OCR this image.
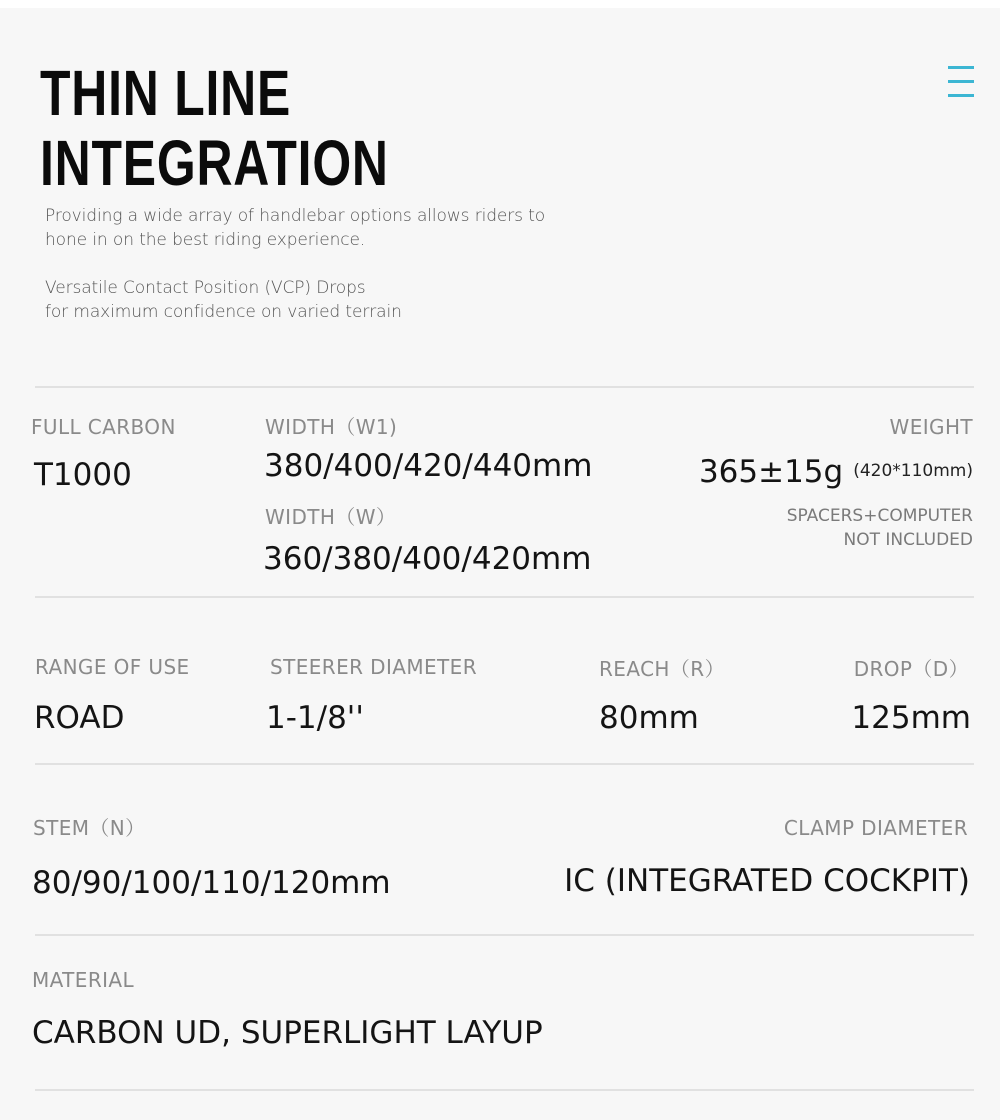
THIN LINE
INTEGRATION
Providing a wide array of handlebar options allows riders to
hone in on the best riding experience.
Versatile Contact Position (VCP) Drops
for maximum confidence on varied terrain
FULL CARBON
T1000
WIDTH（W1)
380/400/420/440mm
WIDTH（W）
360/380/400/420mm
WEIGHT
365±15g (420*110mm)
SPACERS+COMPUTER
NOT INCLUDED
RANGE OF USE
ROAD
STEERER DIAMETER
1-1/8''
REACH（R）
80mm
DROP（D）
125mm
STEM（N）
80/90/100/110/120mm
CLAMP DIAMETER
IC (INTEGRATED COCKPIT)
MATERIAL
CARBON UD, SUPERLIGHT LAYUP
